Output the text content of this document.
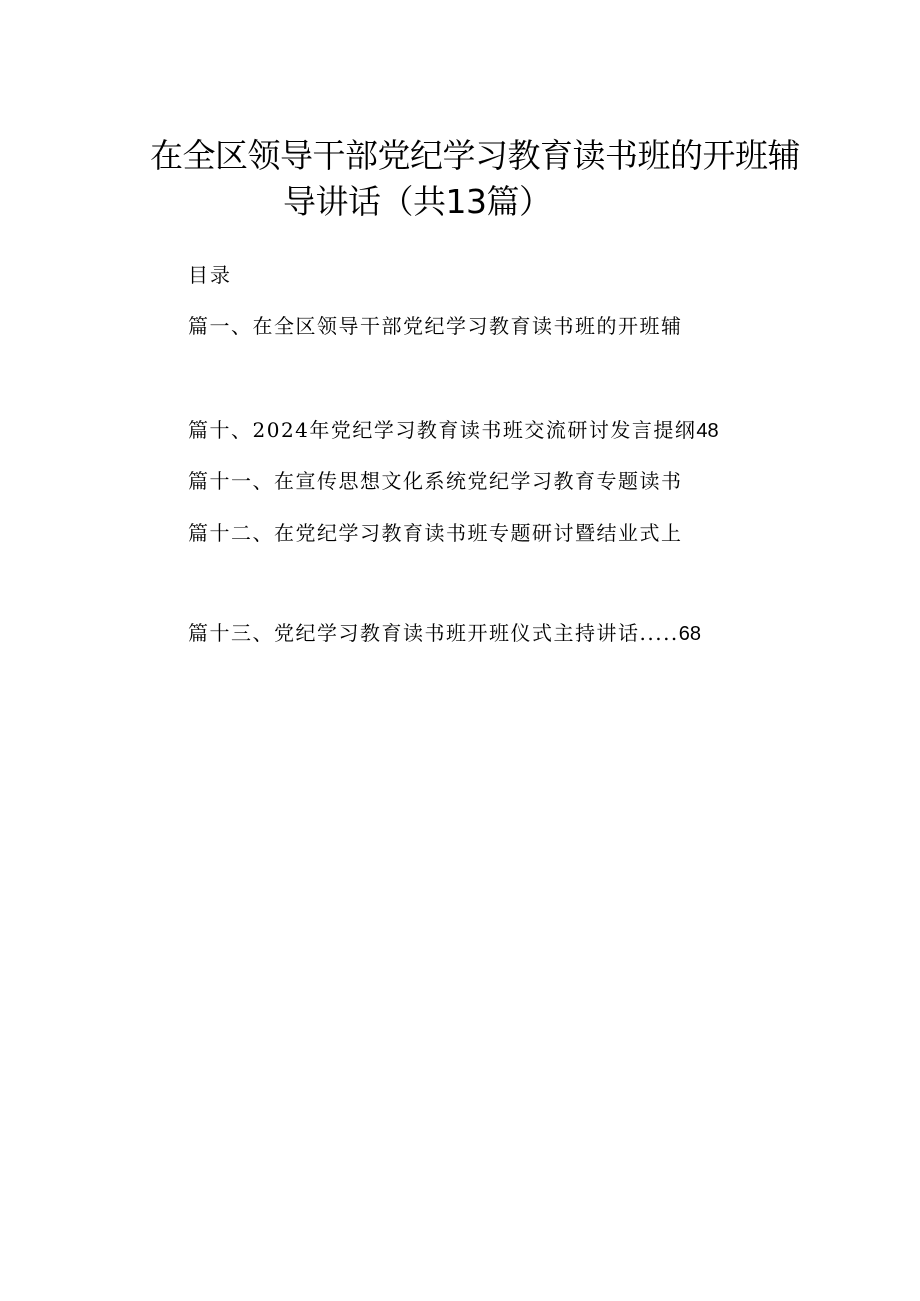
在全区领导干部党纪学习教育读书班的开班辅
导讲话（共13篇）
目录
篇一、在全区领导干部党纪学习教育读书班的开班辅
篇十、2024年党纪学习教育读书班交流研讨发言提纲48
篇十一、在宣传思想文化系统党纪学习教育专题读书
篇十二、在党纪学习教育读书班专题研讨暨结业式上
篇十三、党纪学习教育读书班开班仪式主持讲话.....68
